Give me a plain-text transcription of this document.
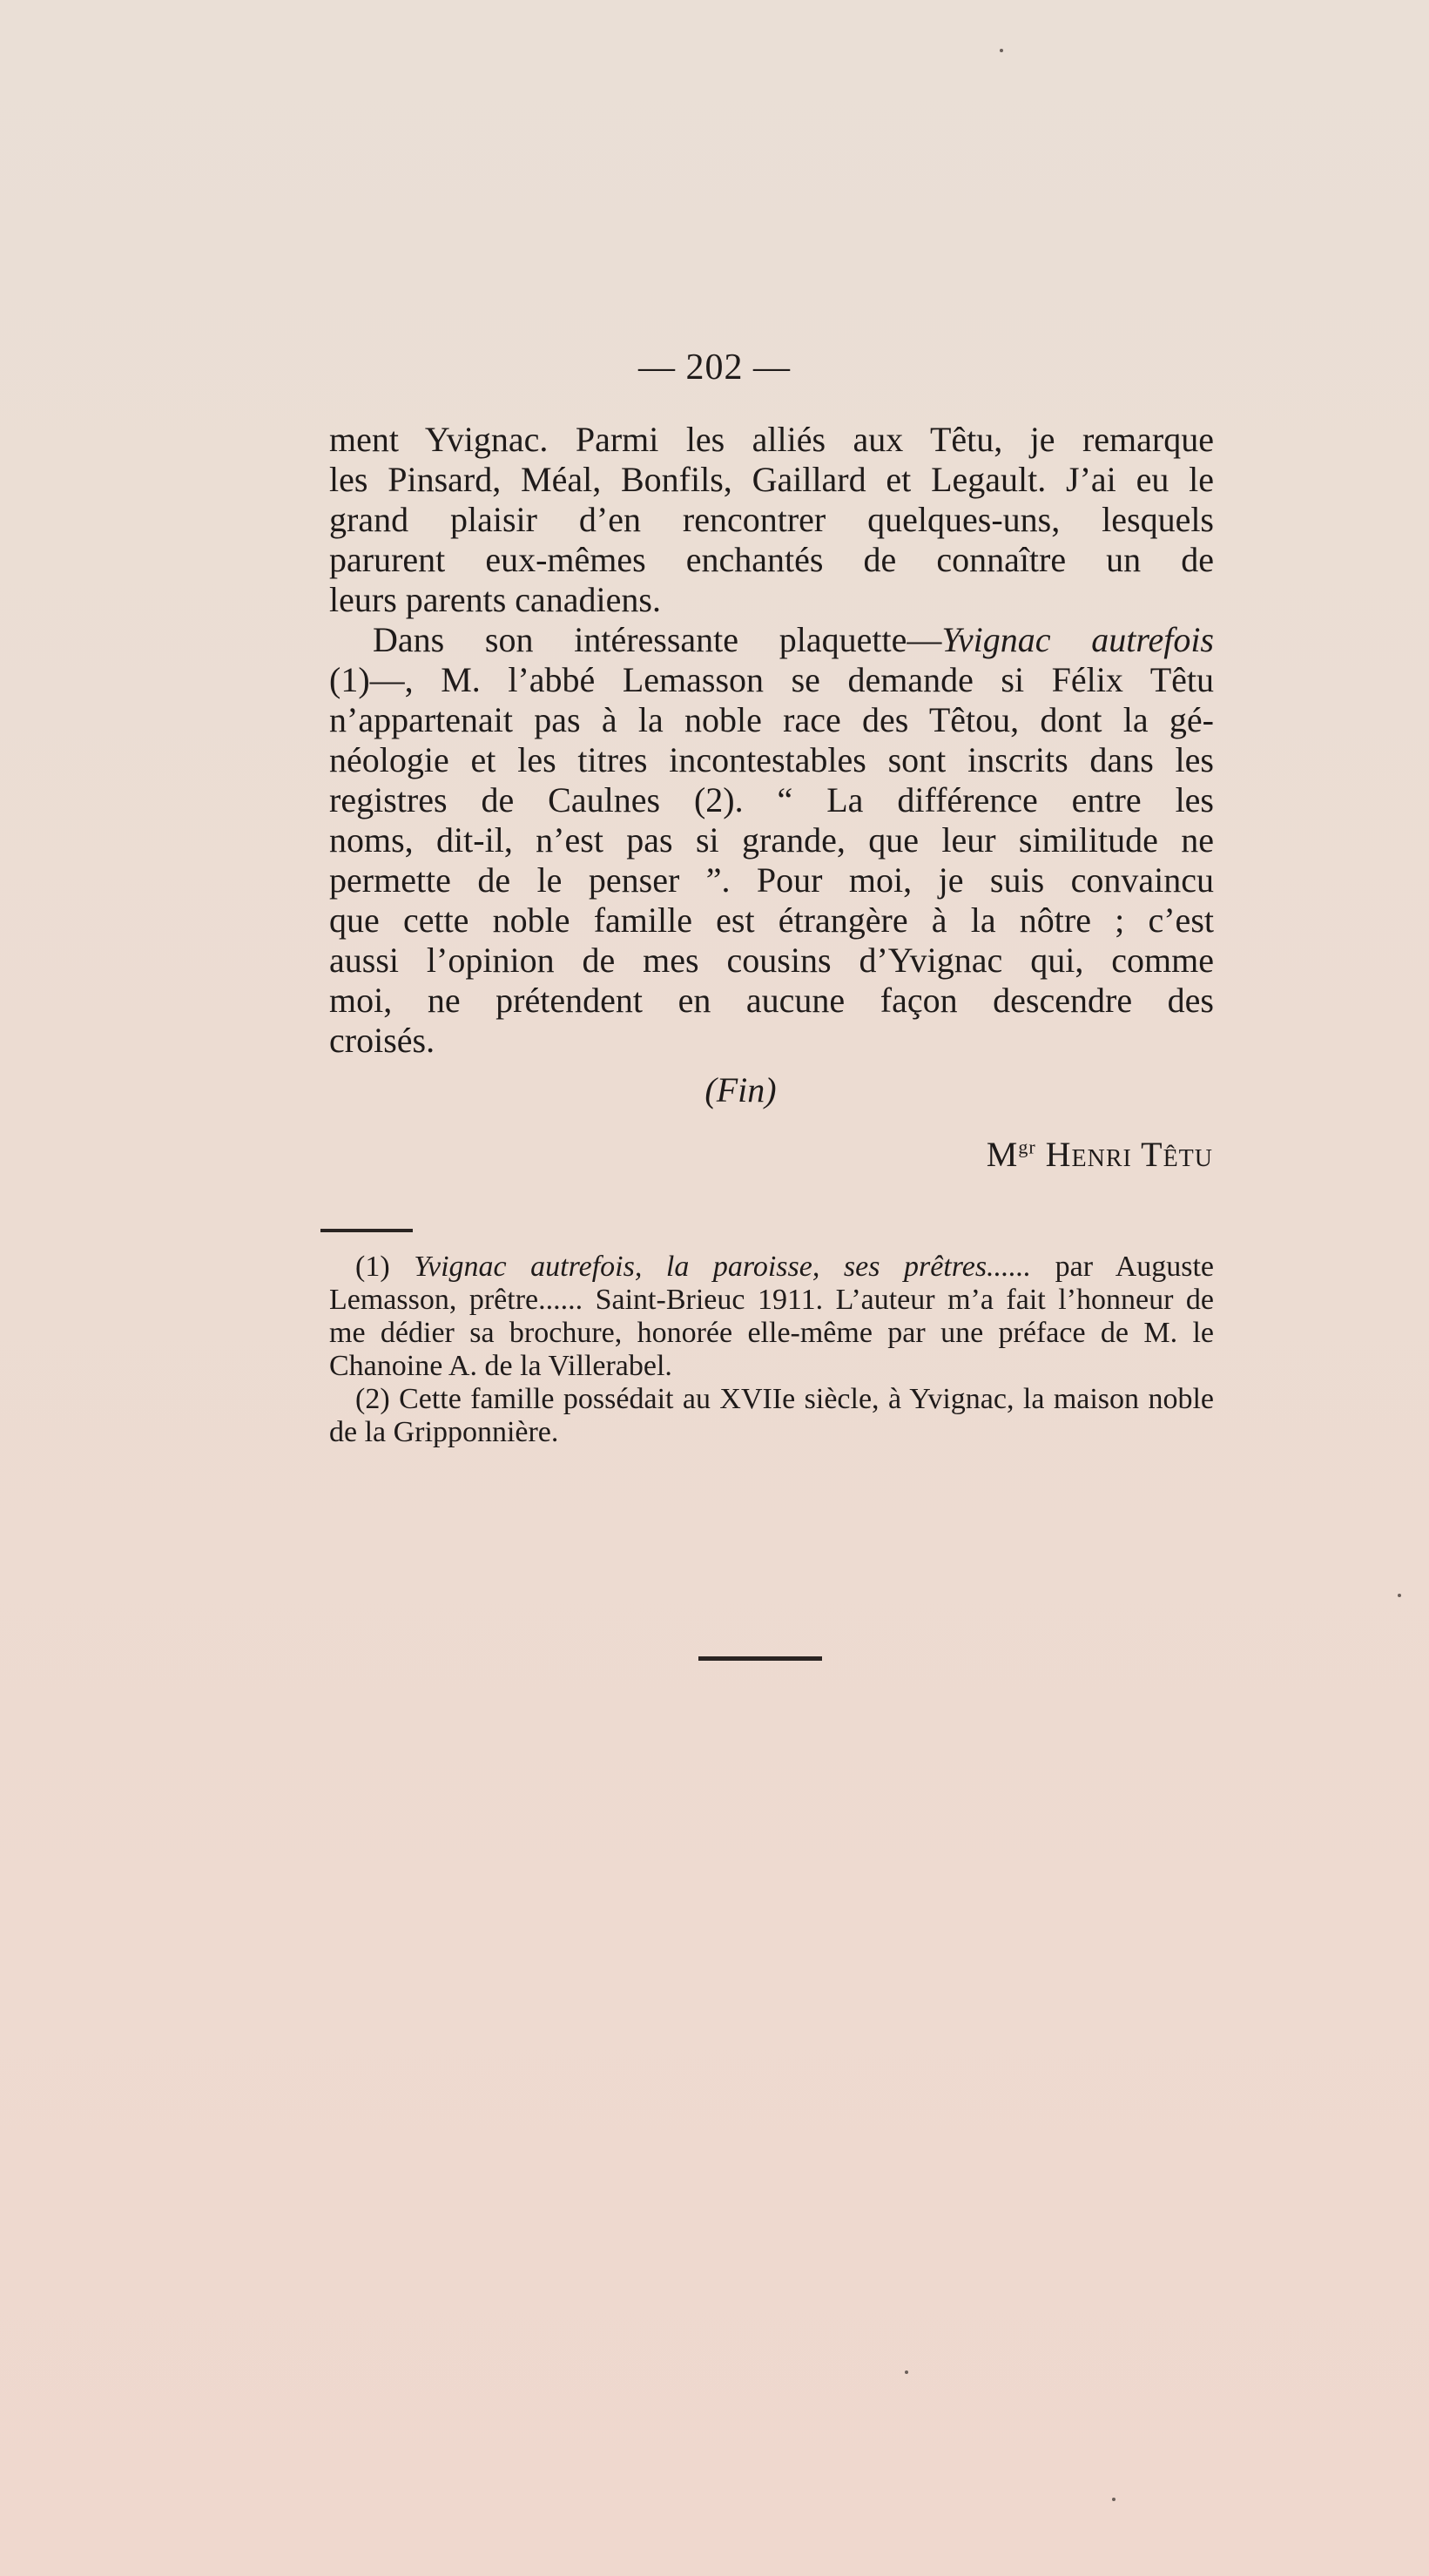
— 202 —

ment Yvignac. Parmi les alliés aux Têtu, je remarque
les Pinsard, Méal, Bonfils, Gaillard et Legault. J’ai eu le
grand plaisir d’en rencontrer quelques-uns, lesquels
parurent eux-mêmes enchantés de connaître un de
leurs parents canadiens.

Dans son intéressante plaquette—Yvignac autrefois
(1)—, M. l’abbé Lemasson se demande si Félix Têtu
n’appartenait pas à la noble race des Têtou, dont la gé-
néologie et les titres incontestables sont inscrits dans les
registres de Caulnes (2). “ La différence entre les
noms, dit-il, n’est pas si grande, que leur similitude ne
permette de le penser ”. Pour moi, je suis convaincu
que cette noble famille est étrangère à la nôtre ; c’est
aussi l’opinion de mes cousins d’Yvignac qui, comme
moi, ne prétendent en aucune façon descendre des
croisés.

(Fin)
$M^{gr}$ Henri Têtu

(1) Yvignac autrefois, la paroisse, ses prêtres...... par Auguste Lemasson, prêtre...... Saint-Brieuc 1911. L’auteur m’a fait l’honneur de me dédier sa brochure, honorée elle-même par une préface de M. le Chanoine A. de la Villerabel.

(2) Cette famille possédait au XVIIe siècle, à Yvignac, la maison noble de la Gripponnière.
